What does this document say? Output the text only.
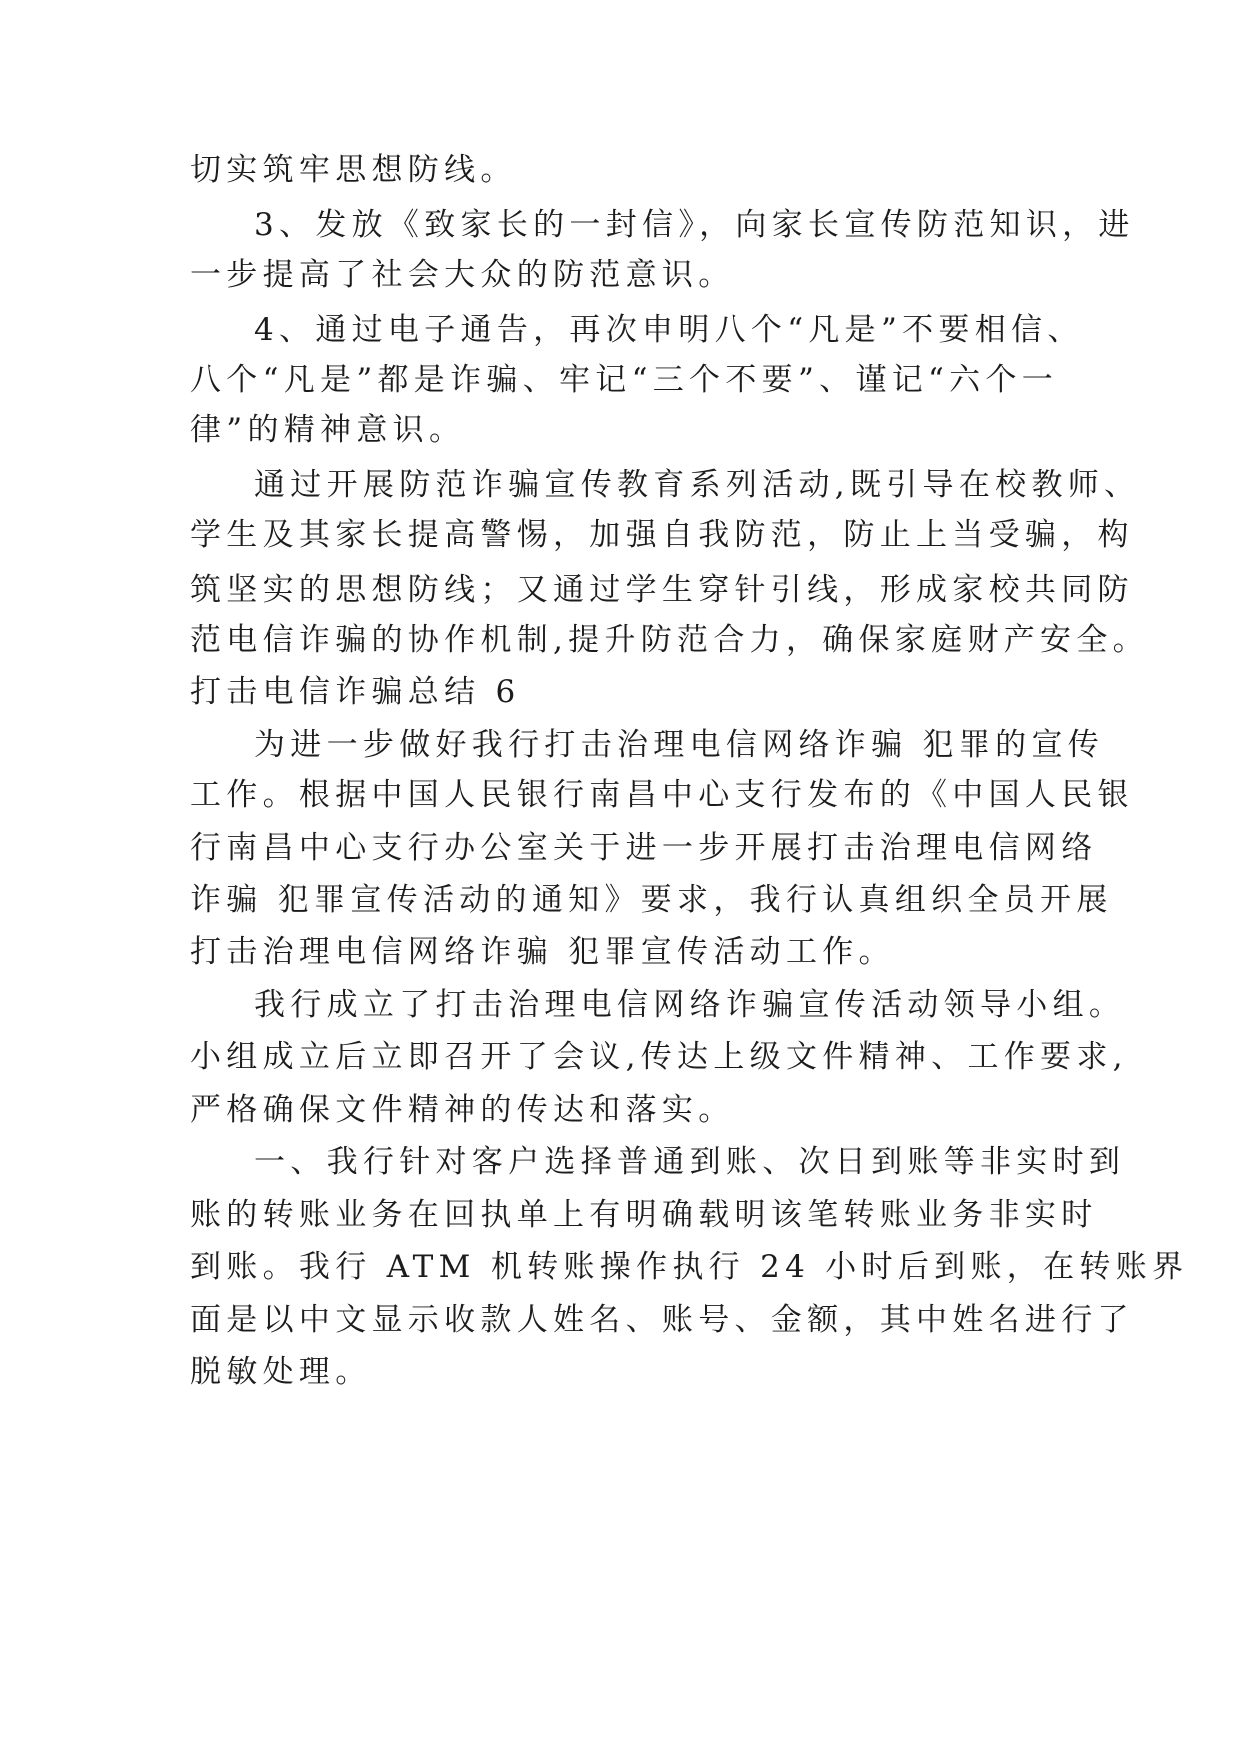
切实筑牢思想防线。
3、发放《致家长的一封信》，向家长宣传防范知识，进
一步提高了社会大众的防范意识。
4、通过电子通告，再次申明八个“凡是”不要相信、
八个“凡是”都是诈骗、牢记“三个不要”、谨记“六个一
律”的精神意识。
通过开展防范诈骗宣传教育系列活动,既引导在校教师、
学生及其家长提高警惕，加强自我防范，防止上当受骗，构
筑坚实的思想防线；又通过学生穿针引线，形成家校共同防
范电信诈骗的协作机制,提升防范合力，确保家庭财产安全。
打击电信诈骗总结 6
为进一步做好我行打击治理电信网络诈骗 犯罪的宣传
工作。根据中国人民银行南昌中心支行发布的《中国人民银
行南昌中心支行办公室关于进一步开展打击治理电信网络
诈骗 犯罪宣传活动的通知》要求，我行认真组织全员开展
打击治理电信网络诈骗 犯罪宣传活动工作。
我行成立了打击治理电信网络诈骗宣传活动领导小组。
小组成立后立即召开了会议,传达上级文件精神、工作要求,
严格确保文件精神的传达和落实。
一、我行针对客户选择普通到账、次日到账等非实时到
账的转账业务在回执单上有明确载明该笔转账业务非实时
到账。我行 ATM 机转账操作执行 24 小时后到账，在转账界
面是以中文显示收款人姓名、账号、金额，其中姓名进行了
脱敏处理。
